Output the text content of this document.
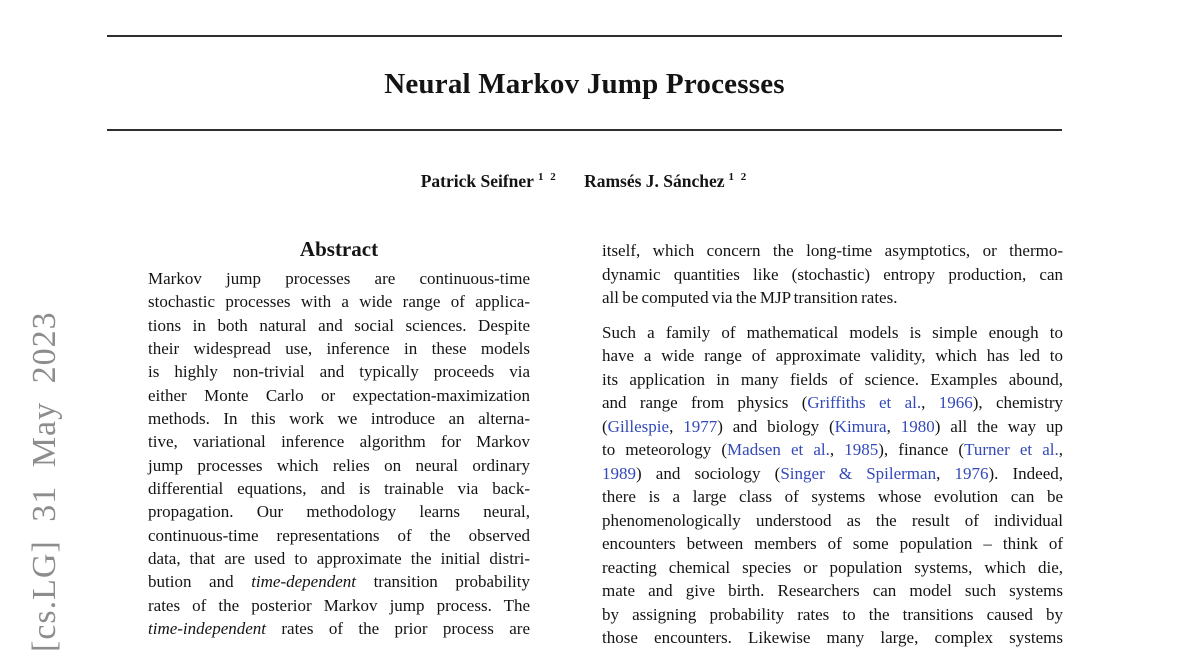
Neural Markov Jump Processes
Patrick Seifner $^{1 2}$ Ramsés J. Sánchez $^{1 2}$
Abstract
Markov jump processes are continuous-time
stochastic processes with a wide range of applica-
tions in both natural and social sciences. Despite
their widespread use, inference in these models
is highly non-trivial and typically proceeds via
either Monte Carlo or expectation-maximization
methods. In this work we introduce an alterna-
tive, variational inference algorithm for Markov
jump processes which relies on neural ordinary
differential equations, and is trainable via back-
propagation. Our methodology learns neural,
continuous-time representations of the observed
data, that are used to approximate the initial distri-
bution and time-dependent transition probability
rates of the posterior Markov jump process. The
time-independent rates of the prior process are
itself, which concern the long-time asymptotics, or thermo-
dynamic quantities like (stochastic) entropy production, can
all be computed via the MJP transition rates.
Such a family of mathematical models is simple enough to
have a wide range of approximate validity, which has led to
its application in many fields of science. Examples abound,
and range from physics (Griffiths et al., 1966), chemistry
(Gillespie, 1977) and biology (Kimura, 1980) all the way up
to meteorology (Madsen et al., 1985), finance (Turner et al.,
1989) and sociology (Singer & Spilerman, 1976). Indeed,
there is a large class of systems whose evolution can be
phenomenologically understood as the result of individual
encounters between members of some population – think of
reacting chemical species or population systems, which die,
mate and give birth. Researchers can model such systems
by assigning probability rates to the transitions caused by
those encounters. Likewise many large, complex systems
[cs.LG] 31 May 2023
